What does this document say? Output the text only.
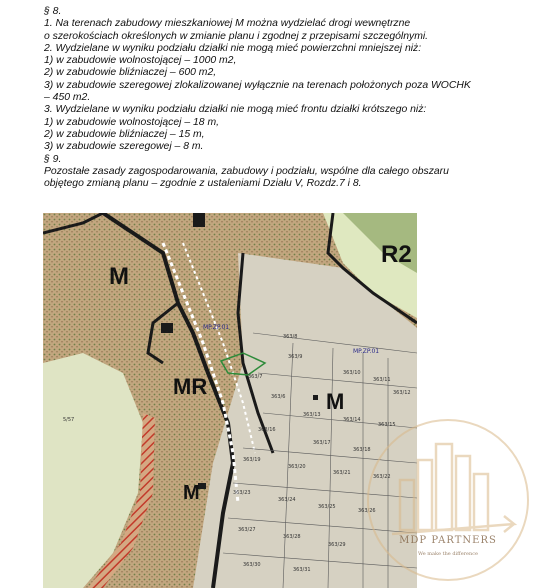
§ 8.
1. Na terenach zabudowy mieszkaniowej M można wydzielać drogi wewnętrzne
o szerokościach określonych w zmianie planu i zgodnej z przepisami szczególnymi.
2. Wydzielane w wyniku podziału działki nie mogą mieć powierzchni mniejszej niż:
1) w zabudowie wolnostojącej – 1000 m2,
2) w zabudowie bliźniaczej – 600 m2,
3) w zabudowie szeregowej zlokalizowanej wyłącznie na terenach położonych poza WOCHK
– 450 m2.
3. Wydzielane w wyniku podziału działki nie mogą mieć frontu działki krótszego niż:
1) w zabudowie wolnostojącej – 18 m,
2) w zabudowie bliźniaczej – 15 m,
3) w zabudowie szeregowej – 8 m.
§ 9.
Pozostałe zasady zagospodarowania, zabudowy i podziału, wspólne dla całego obszaru
objętego zmianą planu – zgodnie z ustaleniami Działu V, Rozdz.7 i 8.
M
R2
MR
M
M
MP.ZP.01
MP.ZP.01
363/8
363/9
363/7
363/6
363/10
363/11
363/12
363/13
363/14
363/15
363/16
363/17
363/18
363/19
363/20
363/21
363/22
363/23
363/24
363/25
363/26
363/27
363/28
363/29
363/30
363/31
5/57
MDP PARTNERS
We make the difference
